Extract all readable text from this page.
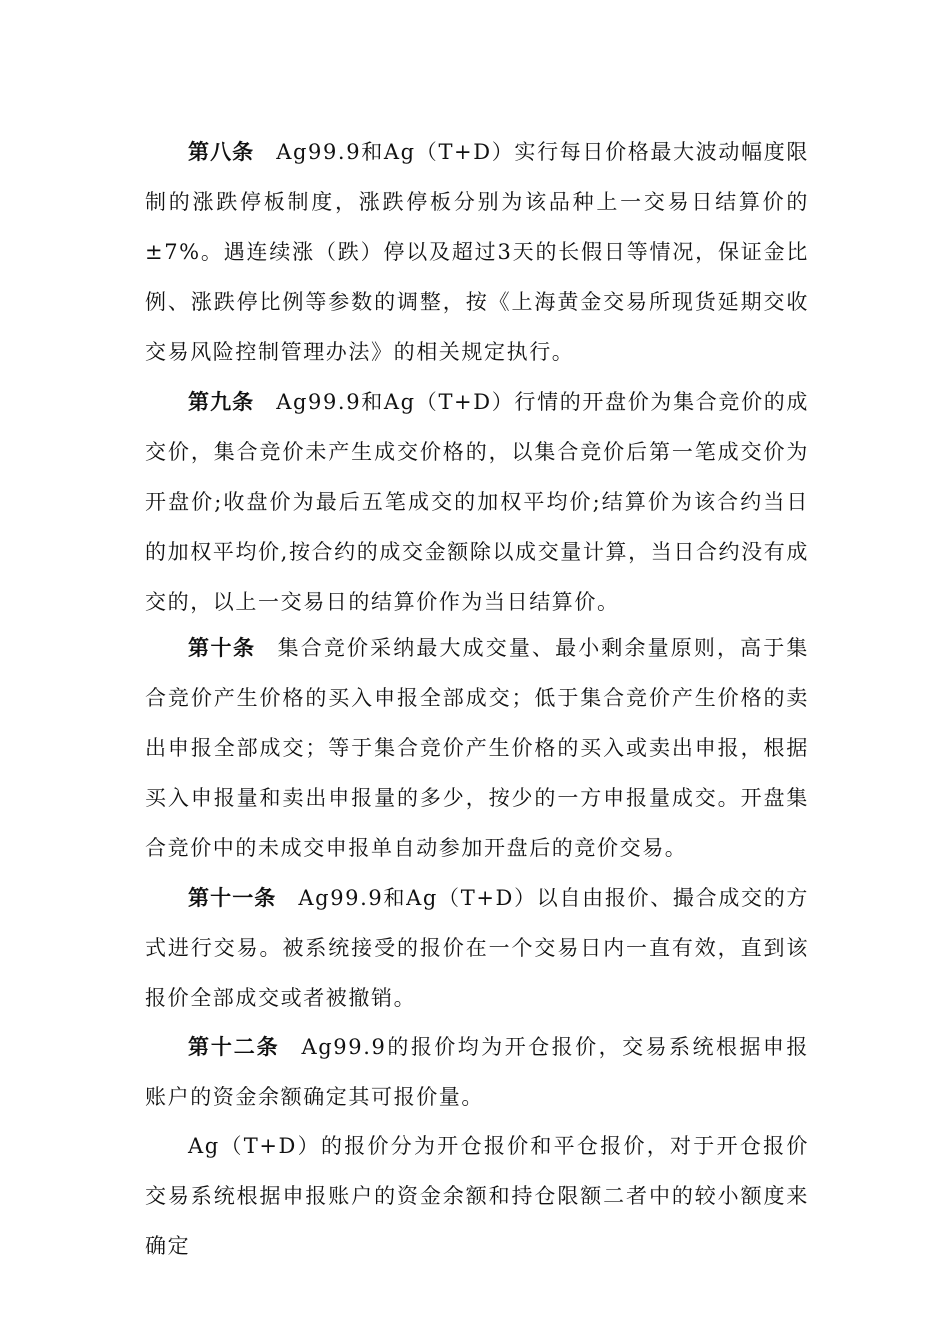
第八条 Ag99.9和Ag（T+D）实行每日价格最大波动幅度限制的涨跌停板制度，涨跌停板分别为该品种上一交易日结算价的±7%。遇连续涨（跌）停以及超过3天的长假日等情况，保证金比例、涨跌停比例等参数的调整，按《上海黄金交易所现货延期交收交易风险控制管理办法》的相关规定执行。

第九条 Ag99.9和Ag（T+D）行情的开盘价为集合竞价的成交价，集合竞价未产生成交价格的，以集合竞价后第一笔成交价为开盘价;收盘价为最后五笔成交的加权平均价;结算价为该合约当日的加权平均价,按合约的成交金额除以成交量计算，当日合约没有成交的，以上一交易日的结算价作为当日结算价。

第十条 集合竞价采纳最大成交量、最小剩余量原则，高于集合竞价产生价格的买入申报全部成交；低于集合竞价产生价格的卖出申报全部成交；等于集合竞价产生价格的买入或卖出申报，根据买入申报量和卖出申报量的多少，按少的一方申报量成交。开盘集合竞价中的未成交申报单自动参加开盘后的竞价交易。

第十一条 Ag99.9和Ag（T+D）以自由报价、撮合成交的方式进行交易。被系统接受的报价在一个交易日内一直有效，直到该报价全部成交或者被撤销。

第十二条 Ag99.9的报价均为开仓报价，交易系统根据申报账户的资金余额确定其可报价量。

Ag（T+D）的报价分为开仓报价和平仓报价，对于开仓报价交易系统根据申报账户的资金余额和持仓限额二者中的较小额度来确定
